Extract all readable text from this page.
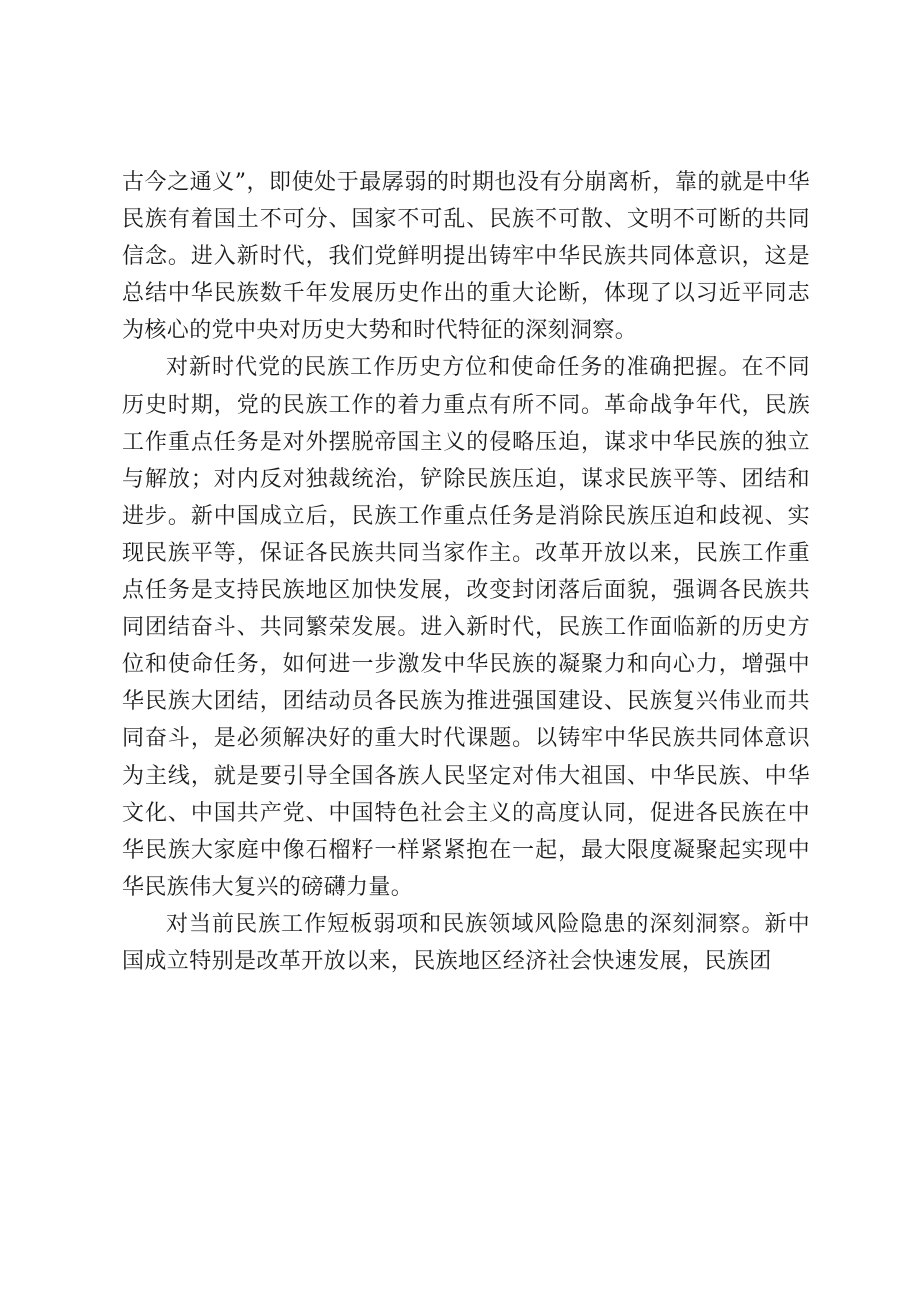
古今之通义”，即使处于最孱弱的时期也没有分崩离析，靠的就是中华民族有着国土不可分、国家不可乱、民族不可散、文明不可断的共同信念。进入新时代，我们党鲜明提出铸牢中华民族共同体意识，这是总结中华民族数千年发展历史作出的重大论断，体现了以习近平同志为核心的党中央对历史大势和时代特征的深刻洞察。

对新时代党的民族工作历史方位和使命任务的准确把握。在不同历史时期，党的民族工作的着力重点有所不同。革命战争年代，民族工作重点任务是对外摆脱帝国主义的侵略压迫，谋求中华民族的独立与解放；对内反对独裁统治，铲除民族压迫，谋求民族平等、团结和进步。新中国成立后，民族工作重点任务是消除民族压迫和歧视、实现民族平等，保证各民族共同当家作主。改革开放以来，民族工作重点任务是支持民族地区加快发展，改变封闭落后面貌，强调各民族共同团结奋斗、共同繁荣发展。进入新时代，民族工作面临新的历史方位和使命任务，如何进一步激发中华民族的凝聚力和向心力，增强中华民族大团结，团结动员各民族为推进强国建设、民族复兴伟业而共同奋斗，是必须解决好的重大时代课题。以铸牢中华民族共同体意识为主线，就是要引导全国各族人民坚定对伟大祖国、中华民族、中华文化、中国共产党、中国特色社会主义的高度认同，促进各民族在中华民族大家庭中像石榴籽一样紧紧抱在一起，最大限度凝聚起实现中华民族伟大复兴的磅礴力量。

对当前民族工作短板弱项和民族领域风险隐患的深刻洞察。新中国成立特别是改革开放以来，民族地区经济社会快速发展，民族团
